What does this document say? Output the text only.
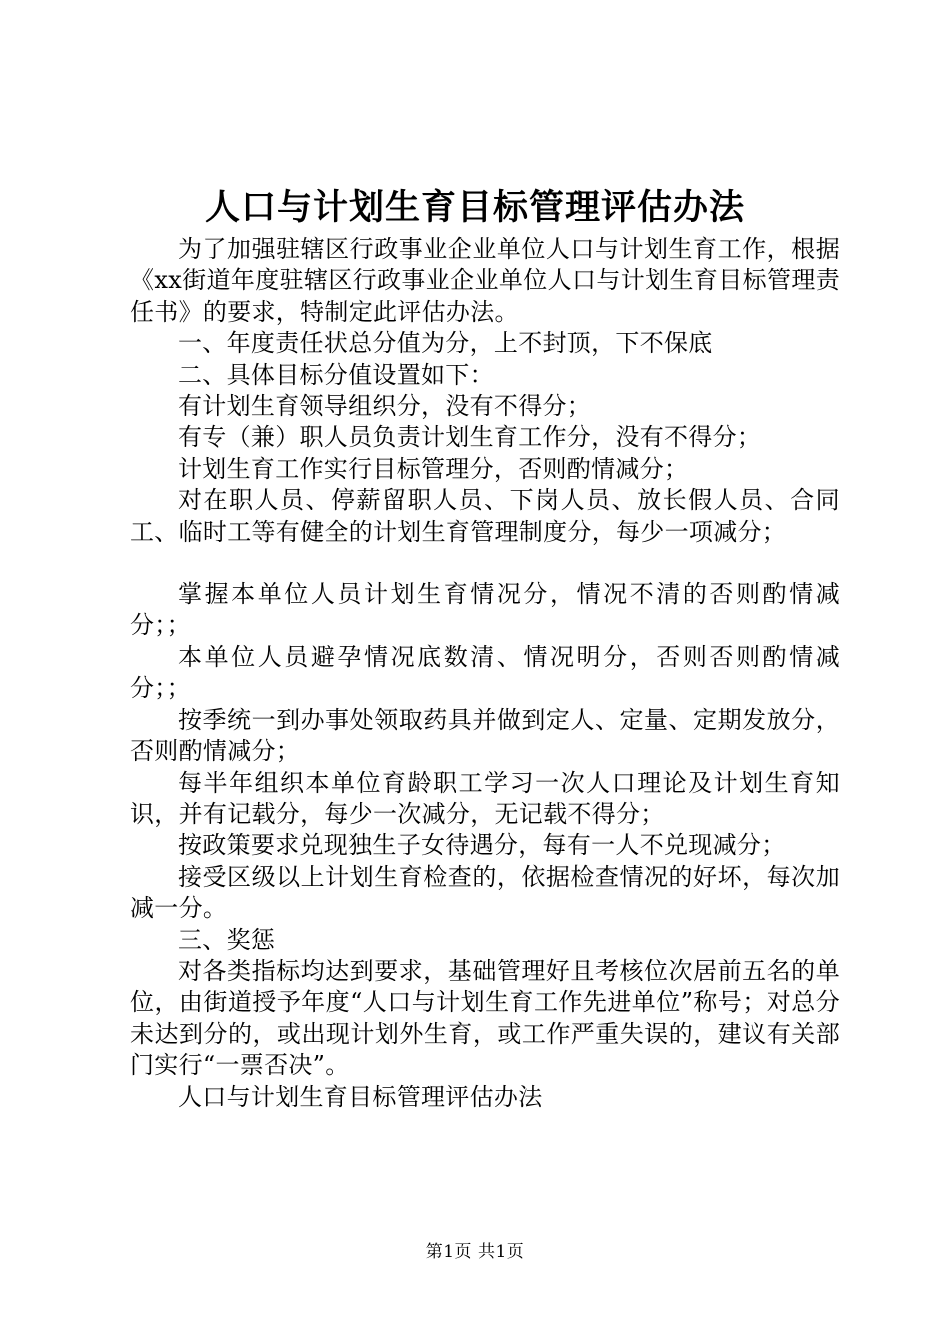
人口与计划生育目标管理评估办法

为了加强驻辖区行政事业企业单位人口与计划生育工作，根据《xx街道年度驻辖区行政事业企业单位人口与计划生育目标管理责任书》的要求，特制定此评估办法。

一、年度责任状总分值为分，上不封顶，下不保底

二、具体目标分值设置如下：

有计划生育领导组织分，没有不得分；

有专（兼）职人员负责计划生育工作分，没有不得分；

计划生育工作实行目标管理分，否则酌情减分；

对在职人员、停薪留职人员、下岗人员、放长假人员、合同工、临时工等有健全的计划生育管理制度分，每少一项减分；

掌握本单位人员计划生育情况分，情况不清的否则酌情减分；；

本单位人员避孕情况底数清、情况明分，否则否则酌情减分；；

按季统一到办事处领取药具并做到定人、定量、定期发放分，否则酌情减分；

每半年组织本单位育龄职工学习一次人口理论及计划生育知识，并有记载分，每少一次减分，无记载不得分；

按政策要求兑现独生子女待遇分，每有一人不兑现减分；

接受区级以上计划生育检查的，依据检查情况的好坏，每次加减一分。

三、奖惩

对各类指标均达到要求，基础管理好且考核位次居前五名的单位，由街道授予年度“人口与计划生育工作先进单位”称号；对总分未达到分的，或出现计划外生育，或工作严重失误的，建议有关部门实行“一票否决”。

人口与计划生育目标管理评估办法

第1页 共1页
